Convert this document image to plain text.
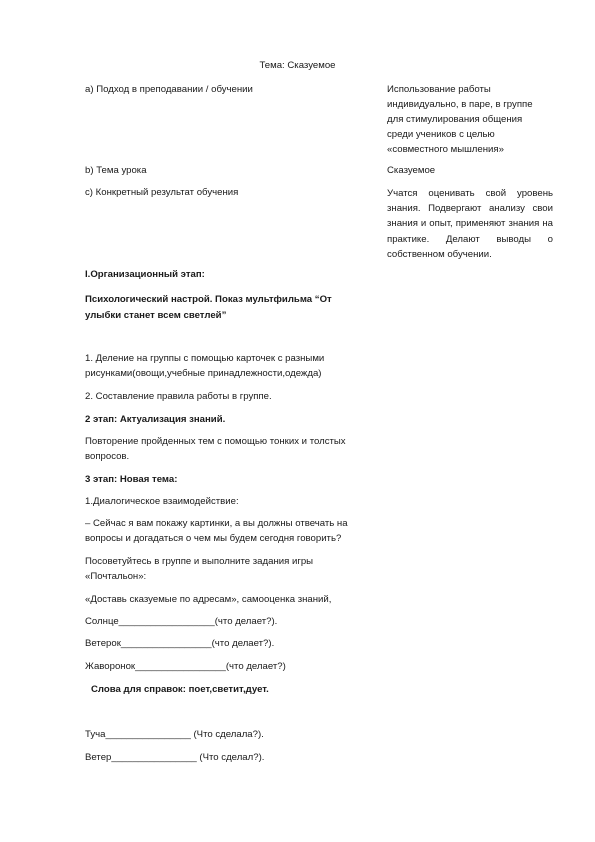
Тема: Сказуемое
a) Подход в преподавании / обучении	Использование работы
индивидуально, в паре, в группе
для стимулирования общения
среди учеников с целью
«совместного мышления»
b) Тема урока	Сказуемое
c) Конкретный результат обучения	Учатся оценивать свой уровень знания. Подвергают анализу свои знания и опыт, применяют знания на практике. Делают выводы о собственном обучении.
I.Организационный этап:
Психологический настрой. Показ мультфильма “От
улыбки станет всем светлей”
1. Деление на группы с помощью карточек с разными
рисунками(овощи,учебные принадлежности,одежда)
2. Составление правила работы в группе.
2 этап: Актуализация знаний.
Повторение пройденных тем с помощью тонких и толстых
вопросов.
3 этап: Новая тема:
1.Диалогическое взаимодействие:
– Сейчас я вам покажу картинки, а вы должны отвечать на
вопросы и догадаться о чем мы будем сегодня говорить?
Посоветуйтесь в группе и выполните задания игры
«Почтальон»:
«Доставь сказуемые по адресам», самооценка знаний,
Солнце__________________(что делает?).
Ветерок_________________(что делает?).
Жаворонок_________________(что делает?)
Слова для справок: поет,светит,дует.
Туча________________ (Что сделала?).
Ветер________________ (Что сделал?).
